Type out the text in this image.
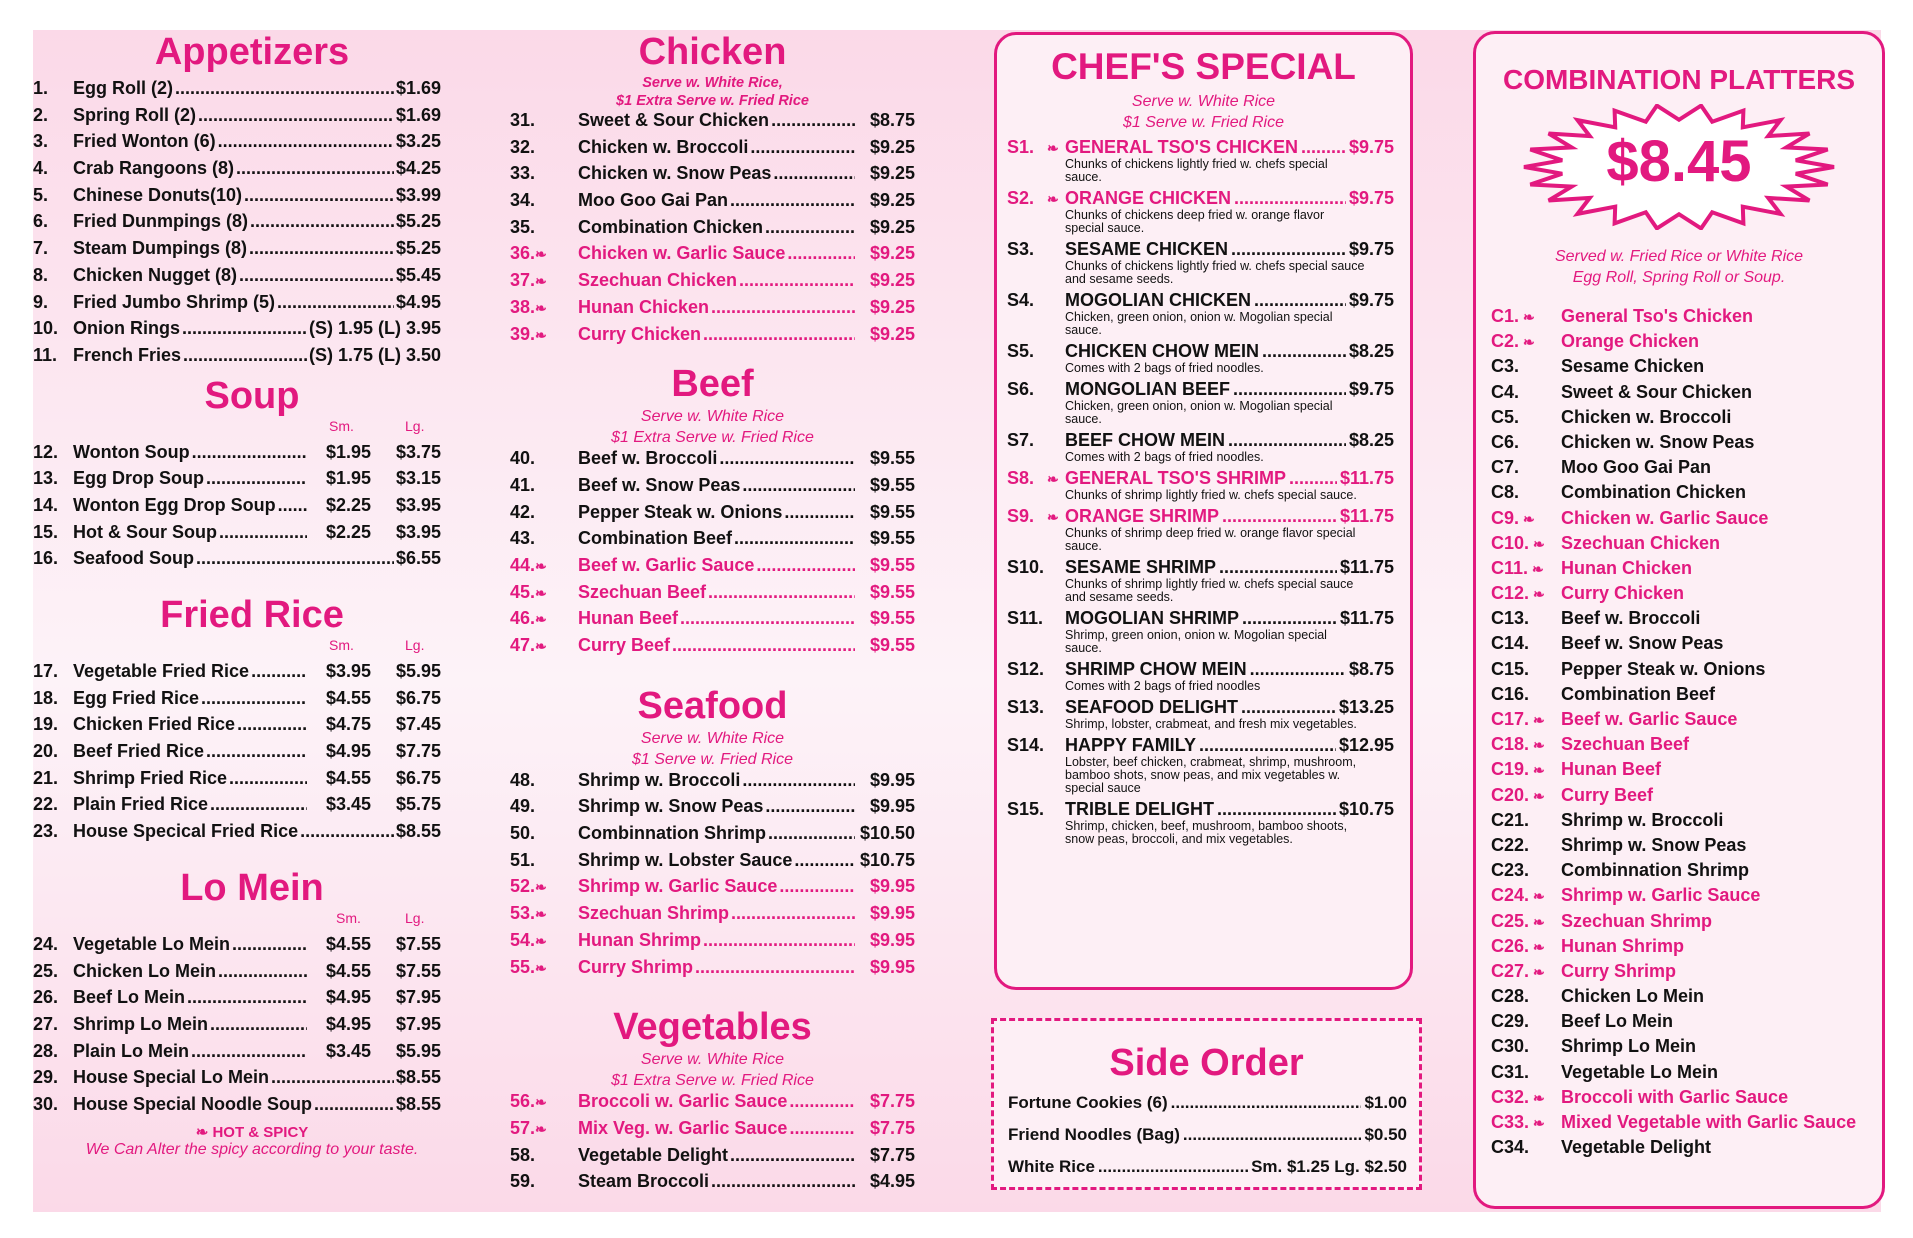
Appetizers
1.	Egg Roll (2) .....	$1.69
2.	Spring Roll (2) .....	$1.69
3.	Fried Wonton (6) .....	$3.25
4.	Crab Rangoons (8) .....	$4.25
5.	Chinese Donuts(10) .....	$3.99
6.	Fried Dunmpings (8) .....	$5.25
7.	Steam Dumpings (8) .....	$5.25
8.	Chicken Nugget (8) .....	$5.45
9.	Fried Jumbo Shrimp (5) .....	$4.95
10. Onion Rings .....	(S) 1.95 (L) 3.95
11. French Fries .....	(S) 1.75 (L) 3.50
Soup
Sm.	Lg.
12. Wonton Soup .....	$1.95	$3.75
13. Egg Drop Soup .....	$1.95	$3.15
14. Wonton Egg Drop Soup .....	$2.25	$3.95
15. Hot & Sour Soup .....	$2.25	$3.95
16. Seafood Soup .....	$6.55
Fried Rice
Sm.	Lg.
17. Vegetable Fried Rice .....	$3.95	$5.95
18. Egg Fried Rice .....	$4.55	$6.75
19. Chicken Fried Rice .....	$4.75	$7.45
20. Beef Fried Rice .....	$4.95	$7.75
21. Shrimp Fried Rice .....	$4.55	$6.75
22. Plain Fried Rice .....	$3.45	$5.75
23. House Specical Fried Rice .....	$8.55
Lo Mein
Sm.	Lg.
24. Vegetable Lo Mein .....	$4.55	$7.55
25. Chicken Lo Mein .....	$4.55	$7.55
26. Beef Lo Mein .....	$4.95	$7.95
27. Shrimp Lo Mein .....	$4.95	$7.95
28. Plain Lo Mein .....	$3.45	$5.95
29. House Special Lo Mein .....	$8.55
30. House Special Noodle Soup .....	$8.55
❧ HOT & SPICY
We Can Alter the spicy according to your taste.
Chicken
Serve w. White Rice,
$1 Extra Serve w. Fried Rice
31.	Sweet & Sour Chicken .....	$8.75
32.	Chicken w. Broccoli .....	$9.25
33.	Chicken w. Snow Peas .....	$9.25
34.	Moo Goo Gai Pan .....	$9.25
35.	Combination Chicken .....	$9.25
36.❧	Chicken w. Garlic Sauce .....	$9.25
37.❧	Szechuan Chicken .....	$9.25
38.❧	Hunan Chicken .....	$9.25
39.❧	Curry Chicken .....	$9.25
Beef
Serve w. White Rice
$1 Extra Serve w. Fried Rice
40.	Beef w. Broccoli .....	$9.55
41.	Beef w. Snow Peas .....	$9.55
42.	Pepper Steak w. Onions .....	$9.55
43.	Combination Beef .....	$9.55
44.❧	Beef w. Garlic Sauce .....	$9.55
45.❧	Szechuan Beef .....	$9.55
46.❧	Hunan Beef .....	$9.55
47.❧	Curry Beef .....	$9.55
Seafood
Serve w. White Rice
$1 Serve w. Fried Rice
48.	Shrimp w. Broccoli .....	$9.95
49.	Shrimp w. Snow Peas .....	$9.95
50.	Combinnation Shrimp .....	$10.50
51.	Shrimp w. Lobster Sauce .....	$10.75
52.❧	Shrimp w. Garlic Sauce .....	$9.95
53.❧	Szechuan Shrimp .....	$9.95
54.❧	Hunan Shrimp .....	$9.95
55.❧	Curry Shrimp .....	$9.95
Vegetables
Serve w. White Rice
$1 Extra Serve w. Fried Rice
56.❧	Broccoli w. Garlic Sauce .....	$7.75
57.❧	Mix Veg. w. Garlic Sauce .....	$7.75
58.	Vegetable Delight .....	$7.75
59.	Steam Broccoli .....	$4.95
CHEF'S SPECIAL
Serve w. White Rice
$1 Serve w. Fried Rice
S1. ❧ GENERAL TSO'S CHICKEN .....	$9.75
Chunks of chickens lightly fried w. chefs special sauce.
S2. ❧ ORANGE CHICKEN .....	$9.75
Chunks of chickens deep fried w. orange flavor special sauce.
S3.	SESAME CHICKEN .....	$9.75
Chunks of chickens lightly fried w. chefs special sauce and sesame seeds.
S4.	MOGOLIAN CHICKEN .....	$9.75
Chicken, green onion, onion w. Mogolian special sauce.
S5.	CHICKEN CHOW MEIN .....	$8.25
Comes with 2 bags of fried noodles.
S6.	MONGOLIAN BEEF .....	$9.75
Chicken, green onion, onion w. Mogolian special sauce.
S7.	BEEF CHOW MEIN .....	$8.25
Comes with 2 bags of fried noodles.
S8. ❧ GENERAL TSO'S SHRIMP .....	$11.75
Chunks of shrimp lightly fried w. chefs special sauce.
S9. ❧ ORANGE SHRIMP .....	$11.75
Chunks of shrimp deep fried w. orange flavor special sauce.
S10.	SESAME SHRIMP .....	$11.75
Chunks of shrimp lightly fried w. chefs special sauce and sesame seeds.
S11.	MOGOLIAN SHRIMP .....	$11.75
Shrimp, green onion, onion w. Mogolian special sauce.
S12.	SHRIMP CHOW MEIN .....	$8.75
Comes with 2 bags of fried noodles
S13.	SEAFOOD DELIGHT .....	$13.25
Shrimp, lobster, crabmeat, and fresh mix vegetables.
S14.	HAPPY FAMILY .....	$12.95
Lobster, beef chicken, crabmeat, shrimp, mushroom, bamboo shots, snow peas, and mix vegetables w. special sauce
S15.	TRIBLE DELIGHT .....	$10.75
Shrimp, chicken, beef, mushroom, bamboo shoots, snow peas, broccoli, and mix vegetables.
Side Order
Fortune Cookies (6) .....	$1.00
Friend Noodles (Bag) .....	$0.50
White Rice .....	Sm. $1.25 Lg. $2.50
COMBINATION PLATTERS
$8.45
Served w. Fried Rice or White Rice
Egg Roll, Spring Roll or Soup.
C1. ❧	General Tso's Chicken
C2. ❧	Orange Chicken
C3.	Sesame Chicken
C4.	Sweet & Sour Chicken
C5.	Chicken w. Broccoli
C6.	Chicken w. Snow Peas
C7.	Moo Goo Gai Pan
C8.	Combination Chicken
C9. ❧	Chicken w. Garlic Sauce
C10. ❧ Szechuan Chicken
C11. ❧ Hunan Chicken
C12. ❧ Curry Chicken
C13.	Beef w. Broccoli
C14.	Beef w. Snow Peas
C15.	Pepper Steak w. Onions
C16.	Combination Beef
C17. ❧ Beef w. Garlic Sauce
C18. ❧ Szechuan Beef
C19. ❧ Hunan Beef
C20. ❧ Curry Beef
C21.	Shrimp w. Broccoli
C22.	Shrimp w. Snow Peas
C23.	Combinnation Shrimp
C24. ❧ Shrimp w. Garlic Sauce
C25. ❧ Szechuan Shrimp
C26. ❧ Hunan Shrimp
C27. ❧ Curry Shrimp
C28.	Chicken Lo Mein
C29.	Beef Lo Mein
C30.	Shrimp Lo Mein
C31.	Vegetable Lo Mein
C32. ❧ Broccoli with Garlic Sauce
C33. ❧ Mixed Vegetable with Garlic Sauce
C34.	Vegetable Delight
